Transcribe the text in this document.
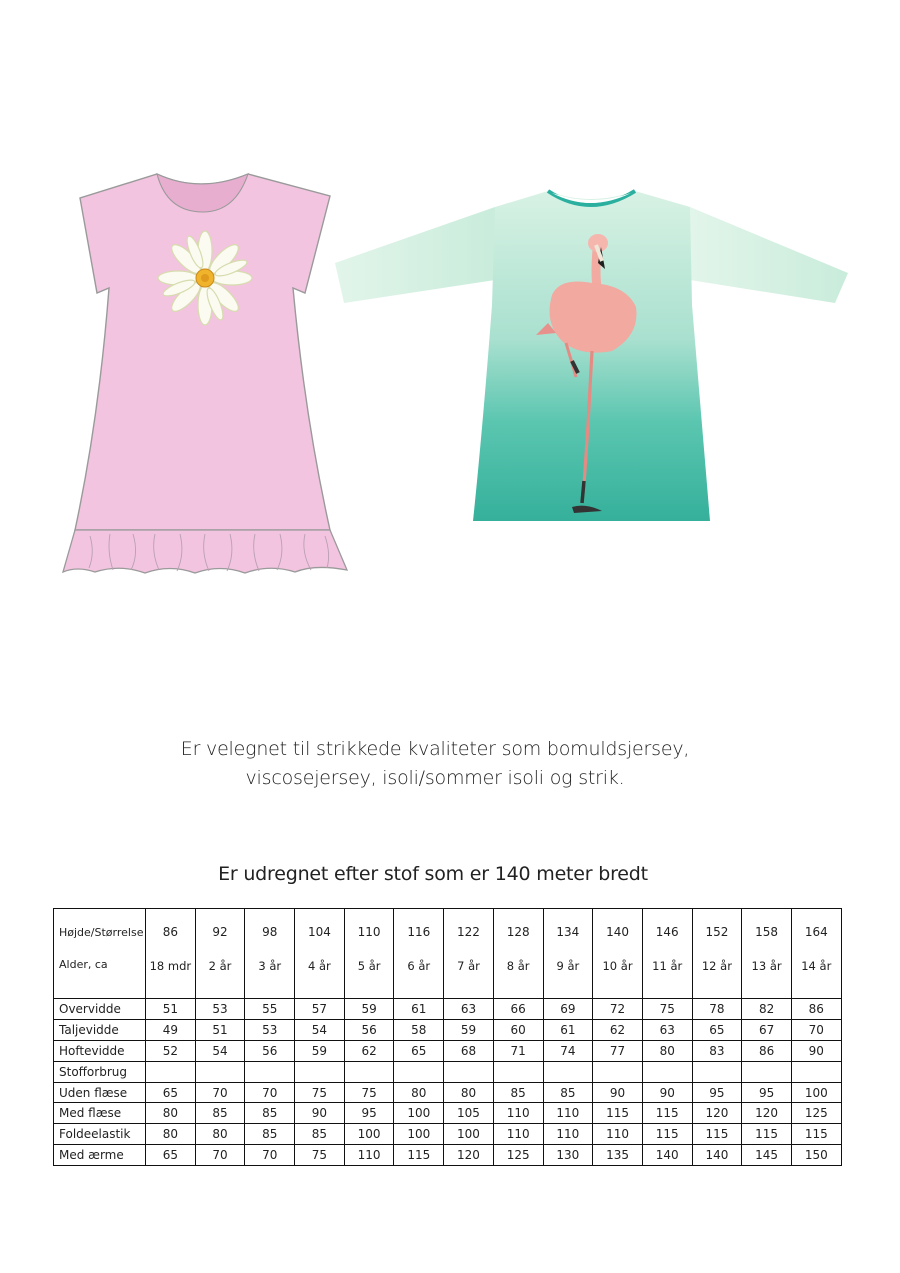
Er velegnet til strikkede kvaliteter som bomuldsjersey,
viscosejersey, isoli/sommer isoli og strik.
Er udregnet efter stof som er 140 meter bredt
Højde/Størrelse	86	92	98	104	110	116	122	128	134	140	146	152	158	164
Alder, ca	18 mdr	2 år	3 år	4 år	5 år	6 år	7 år	8 år	9 år	10 år	11 år	12 år	13 år	14 år
Overvidde	51	53	55	57	59	61	63	66	69	72	75	78	82	86
Taljevidde	49	51	53	54	56	58	59	60	61	62	63	65	67	70
Hoftevidde	52	54	56	59	62	65	68	71	74	77	80	83	86	90
Stofforbrug														
Uden flæse	65	70	70	75	75	80	80	85	85	90	90	95	95	100
Med flæse	80	85	85	90	95	100	105	110	110	115	115	120	120	125
Foldeelastik	80	80	85	85	100	100	100	110	110	110	115	115	115	115
Med ærme	65	70	70	75	110	115	120	125	130	135	140	140	145	150
